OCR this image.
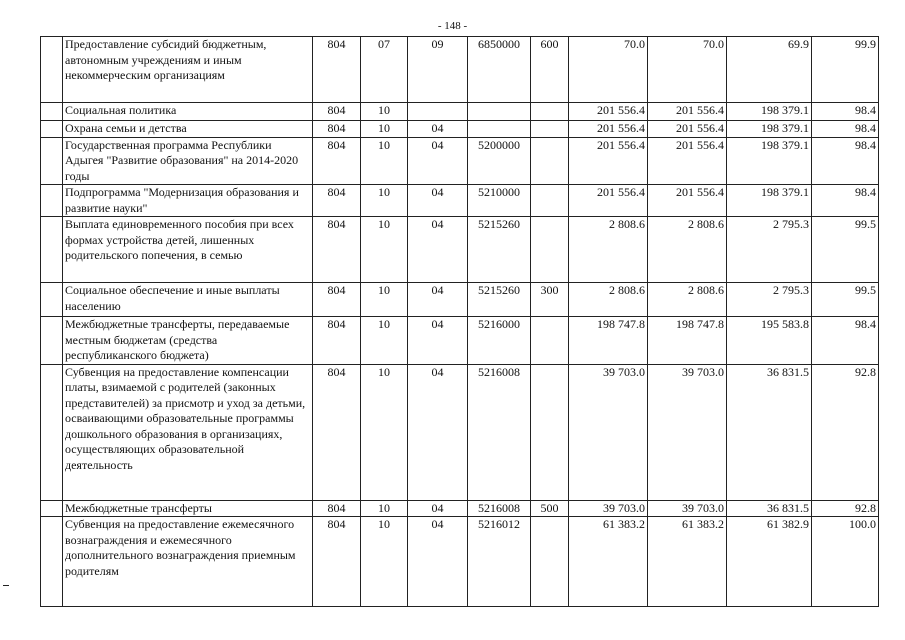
- 148 -
	Предоставление субсидий бюджетным, автономным учреждениям и иным некоммерческим организациям	804	07	09	6850000	600	70.0	70.0	69.9	99.9
	Социальная политика	804	10				201 556.4	201 556.4	198 379.1	98.4
	Охрана семьи и детства	804	10	04			201 556.4	201 556.4	198 379.1	98.4
	Государственная программа Республики Адыгея "Развитие образования" на 2014-2020 годы	804	10	04	5200000		201 556.4	201 556.4	198 379.1	98.4
	Подпрограмма "Модернизация образования и развитие науки"	804	10	04	5210000		201 556.4	201 556.4	198 379.1	98.4
	Выплата единовременного пособия при всех формах устройства детей, лишенных родительского попечения, в семью	804	10	04	5215260		2 808.6	2 808.6	2 795.3	99.5
	Социальное обеспечение и иные выплаты населению	804	10	04	5215260	300	2 808.6	2 808.6	2 795.3	99.5
	Межбюджетные трансферты, передаваемые местным бюджетам (средства республиканского бюджета)	804	10	04	5216000		198 747.8	198 747.8	195 583.8	98.4
	Субвенция на предоставление компенсации платы, взимаемой с родителей (законных представителей) за присмотр и уход за детьми, осваивающими образовательные программы дошкольного образования в организациях, осуществляющих образовательной деятельность	804	10	04	5216008		39 703.0	39 703.0	36 831.5	92.8
	Межбюджетные трансферты	804	10	04	5216008	500	39 703.0	39 703.0	36 831.5	92.8
	Субвенция на предоставление ежемесячного вознаграждения и ежемесячного дополнительного вознаграждения приемным родителям	804	10	04	5216012		61 383.2	61 383.2	61 382.9	100.0
